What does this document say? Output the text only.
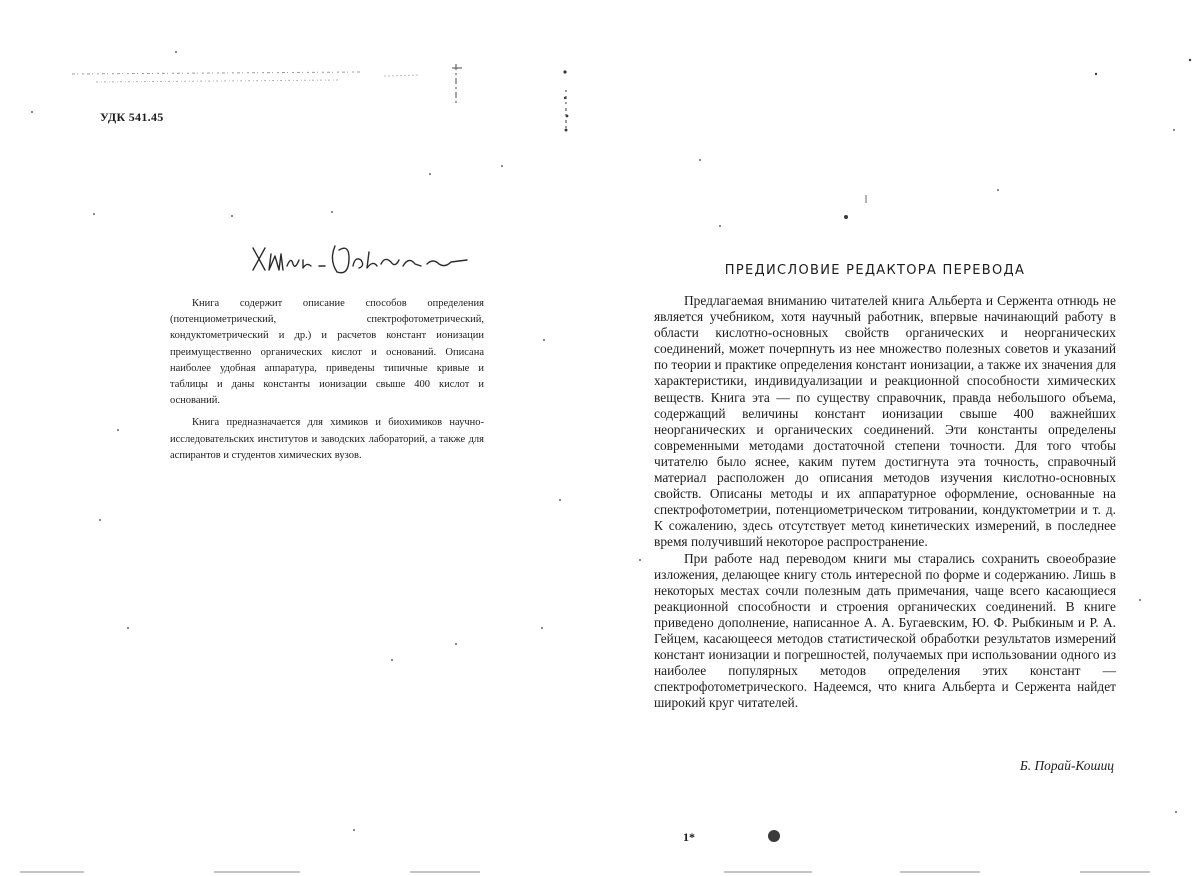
УДК 541.45

Книга содержит описание способов определения (потенциометрический, спектрофотометрический, кондуктометрический и др.) и расчетов констант ионизации преимущественно органических кислот и оснований. Описана наиболее удобная аппаратура, приведены типичные кривые и таблицы и даны константы ионизации свыше 400 кислот и оснований.

Книга предназначается для химиков и биохимиков научно-исследовательских институтов и заводских лабораторий, а также для аспирантов и студентов химических вузов.

ПРЕДИСЛОВИЕ РЕДАКТОРА ПЕРЕВОДА

Предлагаемая вниманию читателей книга Альберта и Сержента отнюдь не является учебником, хотя научный работник, впервые начинающий работу в области кислотно-основных свойств органических и неорганических соединений, может почерпнуть из нее множество полезных советов и указаний по теории и практике определения констант ионизации, а также их значения для характеристики, индивидуализации и реакционной способности химических веществ. Книга эта — по существу справочник, правда небольшого объема, содержащий величины констант ионизации свыше 400 важнейших неорганических и органических соединений. Эти константы определены современными методами достаточной степени точности. Для того чтобы читателю было яснее, каким путем достигнута эта точность, справочный материал расположен до описания методов изучения кислотно-основных свойств. Описаны методы и их аппаратурное оформление, основанные на спектрофотометрии, потенциометрическом титровании, кондуктометрии и т. д. К сожалению, здесь отсутствует метод кинетических измерений, в последнее время получивший некоторое распространение.

При работе над переводом книги мы старались сохранить своеобразие изложения, делающее книгу столь интересной по форме и содержанию. Лишь в некоторых местах сочли полезным дать примечания, чаще всего касающиеся реакционной способности и строения органических соединений. В книге приведено дополнение, написанное А. А. Бугаевским, Ю. Ф. Рыбкиным и Р. А. Гейцем, касающееся методов статистической обработки результатов измерений констант ионизации и погрешностей, получаемых при использовании одного из наиболее популярных методов определения этих констант — спектрофотометрического. Надеемся, что книга Альберта и Сержента найдет широкий круг читателей.

Б. Порай-Кошиц
1*
